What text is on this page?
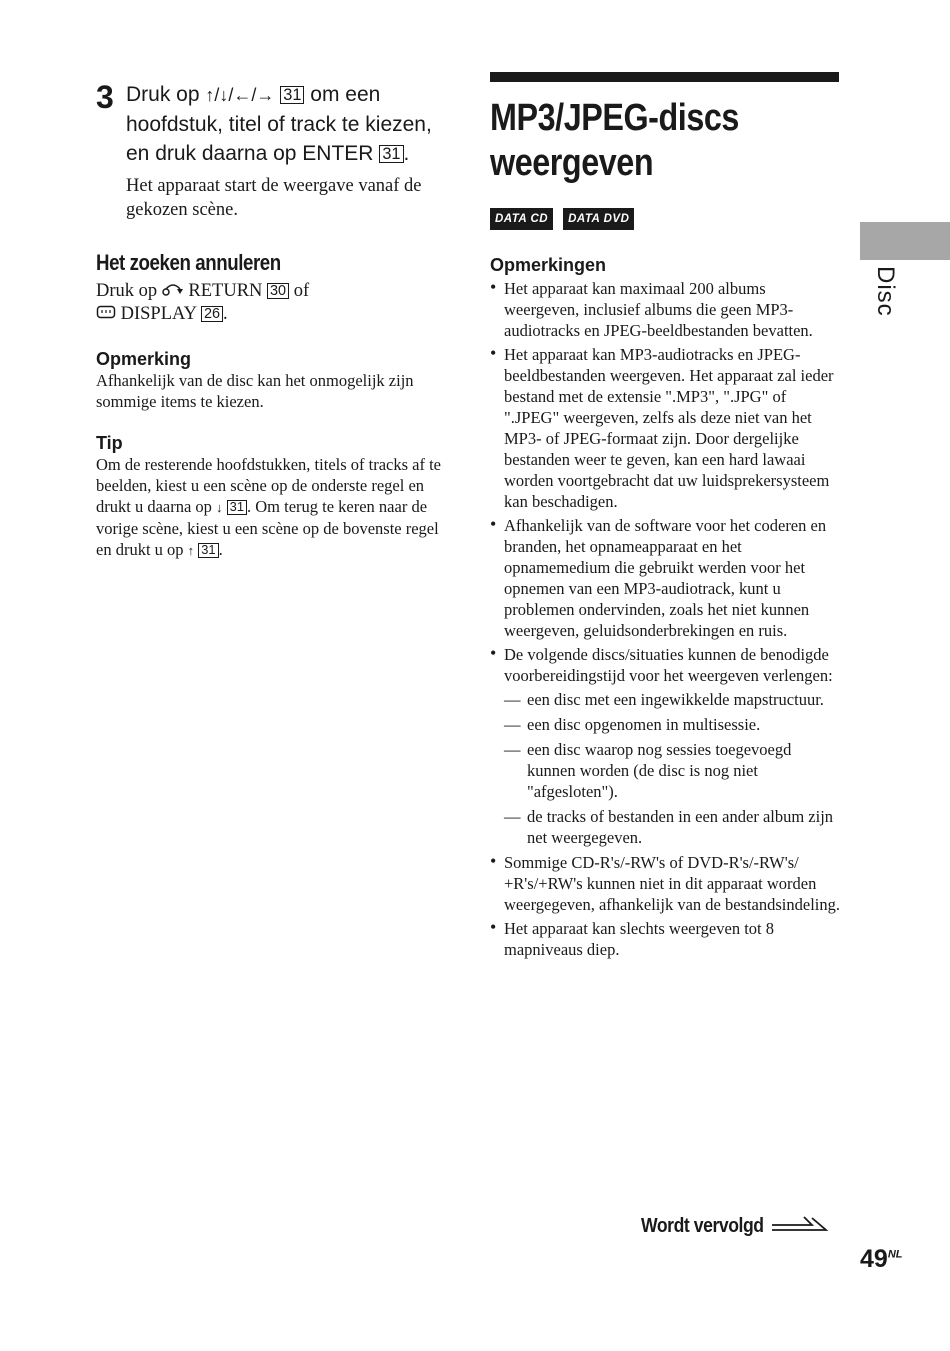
3 Druk op ↑/↓/←/→ 31 om een hoofdstuk, titel of track te kiezen, en druk daarna op ENTER 31 .
Het apparaat start de weergave vanaf de gekozen scène.
Het zoeken annuleren
Druk op  RETURN 30 of
DISPLAY 26 .
Opmerking
Afhankelijk van de disc kan het onmogelijk zijn sommige items te kiezen.
Tip
Om de resterende hoofdstukken, titels of tracks af te beelden, kiest u een scène op de onderste regel en drukt u daarna op ↓ 31 . Om terug te keren naar de vorige scène, kiest u een scène op de bovenste regel en drukt u op ↑ 31 .
MP3/JPEG-discs
weergeven
DATA CD	DATA DVD
Opmerkingen
• Het apparaat kan maximaal 200 albums weergeven, inclusief albums die geen MP3-audiotracks en JPEG-beeldbestanden bevatten.
• Het apparaat kan MP3-audiotracks en JPEG-beeldbestanden weergeven. Het apparaat zal ieder bestand met de extensie ".MP3", ".JPG" of ".JPEG" weergeven, zelfs als deze niet van het MP3- of JPEG-formaat zijn. Door dergelijke bestanden weer te geven, kan een hard lawaai worden voortgebracht dat uw luidsprekersysteem kan beschadigen.
• Afhankelijk van de software voor het coderen en branden, het opnameapparaat en het opnamemedium die gebruikt werden voor het opnemen van een MP3-audiotrack, kunt u problemen ondervinden, zoals het niet kunnen weergeven, geluidsonderbrekingen en ruis.
• De volgende discs/situaties kunnen de benodigde voorbereidingstijd voor het weergeven verlengen:
— een disc met een ingewikkelde mapstructuur.
— een disc opgenomen in multisessie.
— een disc waarop nog sessies toegevoegd kunnen worden (de disc is nog niet "afgesloten").
— de tracks of bestanden in een ander album zijn net weergegeven.
• Sommige CD-R's/-RW's of DVD-R's/-RW's/ +R's/+RW's kunnen niet in dit apparaat worden weergegeven, afhankelijk van de bestandsindeling.
• Het apparaat kan slechts weergeven tot 8 mapniveaus diep.
Disc
Wordt vervolgd
$49^{NL}$
